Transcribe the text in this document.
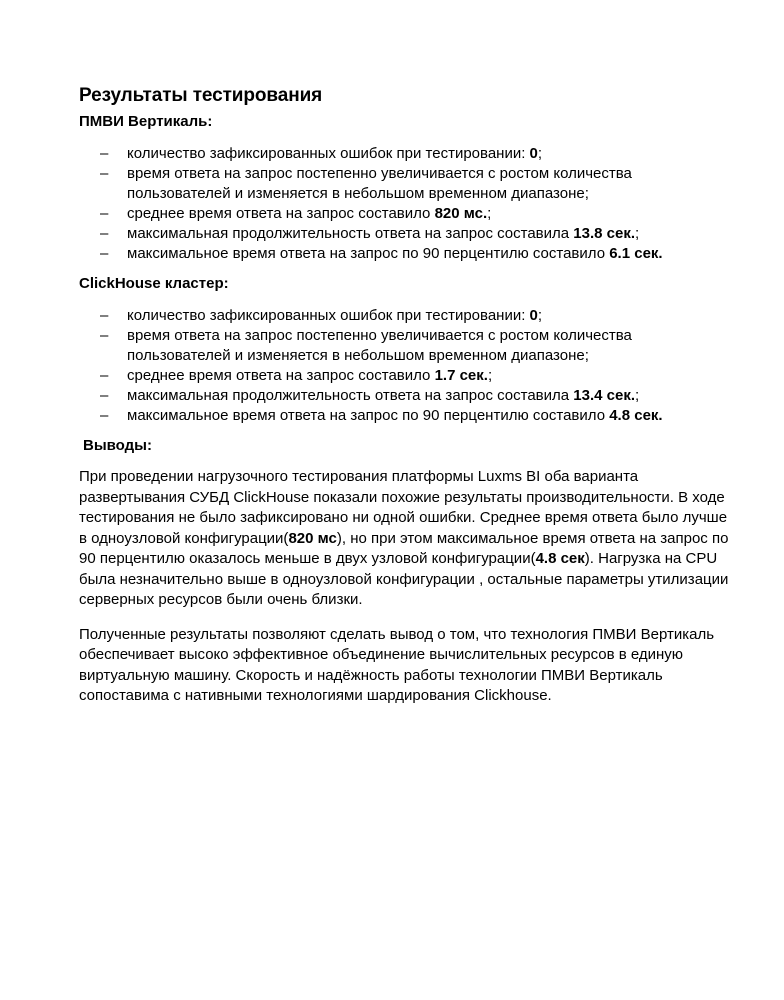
Результаты тестирования
ПМВИ Вертикаль:
– количество зафиксированных ошибок при тестировании: 0;
– время ответа на запрос постепенно увеличивается с ростом количества пользователей и изменяется в небольшом временном диапазоне;
– среднее время ответа на запрос составило 820 мс.;
– максимальная продолжительность ответа на запрос составила 13.8 сек.;
– максимальное время ответа на запрос по 90 перцентилю составило 6.1 сек.
ClickHouse кластер:
– количество зафиксированных ошибок при тестировании: 0;
– время ответа на запрос постепенно увеличивается с ростом количества пользователей и изменяется в небольшом временном диапазоне;
– среднее время ответа на запрос составило 1.7 сек.;
– максимальная продолжительность ответа на запрос составила 13.4 сек.;
– максимальное время ответа на запрос по 90 перцентилю составило 4.8 сек.
Выводы:

При проведении нагрузочного тестирования платформы Luxms BI оба варианта развертывания СУБД ClickHouse показали похожие результаты производительности. В ходе тестирования не было зафиксировано ни одной ошибки. Среднее время ответа было лучше в одноузловой конфигурации(820 мс), но при этом максимальное время ответа на запрос по 90 перцентилю оказалось меньше в двух узловой конфигурации(4.8 сек). Нагрузка на CPU была незначительно выше в одноузловой конфигурации , остальные параметры утилизации серверных ресурсов были очень близки.

Полученные результаты позволяют сделать вывод о том, что технология ПМВИ Вертикаль обеспечивает высоко эффективное объединение вычислительных ресурсов в единую виртуальную машину. Скорость и надёжность работы технологии ПМВИ Вертикаль сопоставима с нативными технологиями шардирования Clickhouse.
